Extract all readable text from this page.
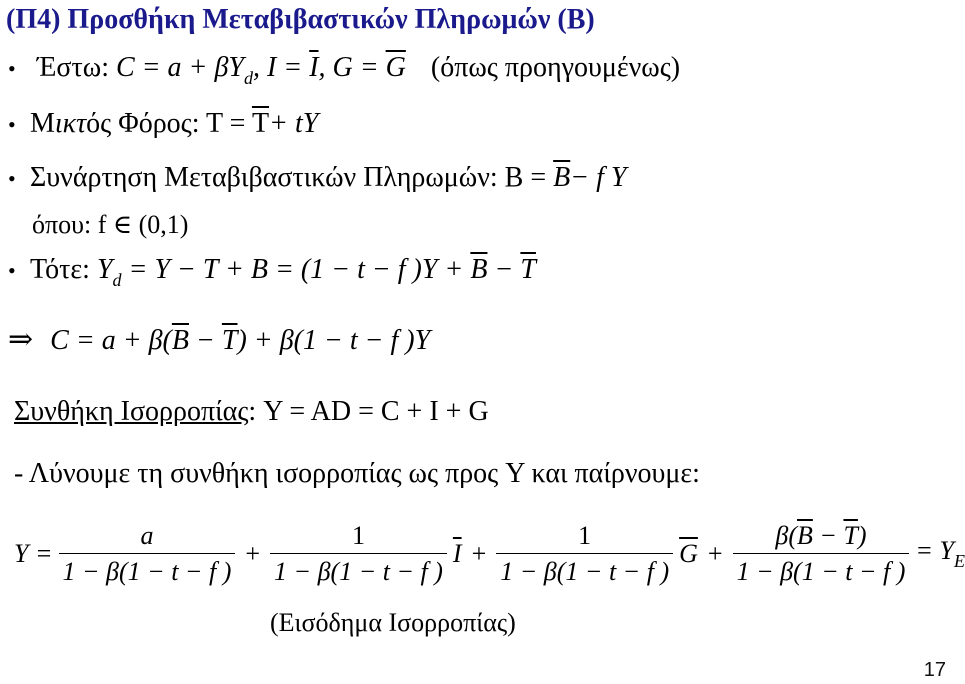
(Π4) Προσθήκη Μεταβιβαστικών Πληρωμών (Β)
• Έστω: $C = a + \beta Y_d$, $I = \overline{I}$, $G = \overline{G}$ (όπως προηγουμένως)
• Μικτός Φόρος: $T = \overline{T}+$ tY
• Συνάρτηση Μεταβιβαστικών Πληρωμών: $B = \overline{B}- f$ Y
όπου: f ∈ (0,1)
• Τότε: $Y_d = Y - T + B = (1 - t - f$ )$Y + \overline{B} - \overline{T}$
⇒ $C = a + \beta(\overline{B} - \overline{T}) + \beta(1 - t - f$ )Y
Συνθήκη Ισορροπίας: Y = AD = C + I + G
- Λύνουμε τη συνθήκη ισορροπίας ως προς Y και παίρνουμε:
$Y = \frac{a}{1 - \beta(1 - t - f )} + \frac{1}{1 - \beta(1 - t - f )} \overline{I} + \frac{1}{1 - \beta(1 - t - f )} \overline{G} + \frac{\beta(\overline{B} - \overline{T})}{1 - \beta(1 - t - f )} = Y_E$
(Εισόδημα Ισορροπίας)
17
